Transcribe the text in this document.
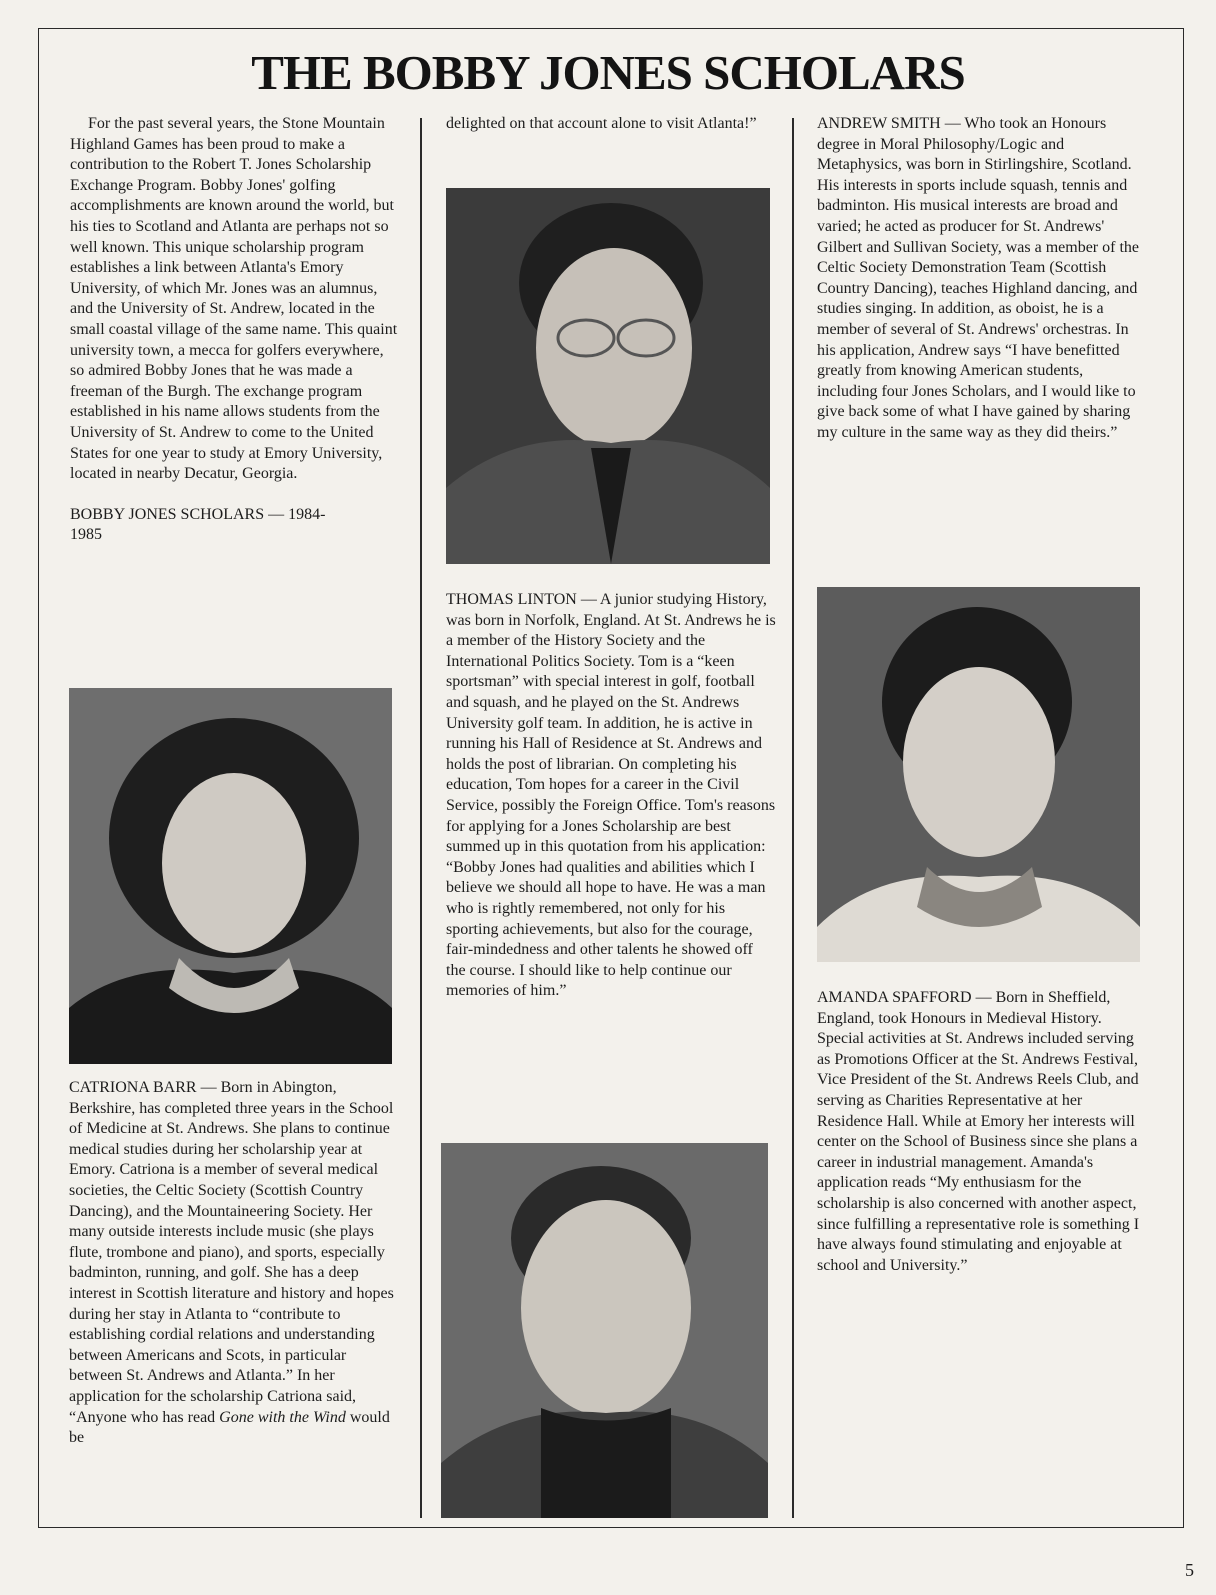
THE BOBBY JONES SCHOLARS

For the past several years, the Stone Mountain Highland Games has been proud to make a contribution to the Robert T. Jones Scholarship Exchange Program. Bobby Jones' golfing accomplishments are known around the world, but his ties to Scotland and Atlanta are perhaps not so well known. This unique scholarship program establishes a link between Atlanta's Emory University, of which Mr. Jones was an alumnus, and the University of St. Andrew, located in the small coastal village of the same name. This quaint university town, a mecca for golfers everywhere, so admired Bobby Jones that he was made a freeman of the Burgh. The exchange program established in his name allows students from the University of St. Andrew to come to the United States for one year to study at Emory University, located in nearby Decatur, Georgia.

BOBBY JONES SCHOLARS — 1984-1985

CATRIONA BARR — Born in Abington, Berkshire, has completed three years in the School of Medicine at St. Andrews. She plans to continue medical studies during her scholarship year at Emory. Catriona is a member of several medical societies, the Celtic Society (Scottish Country Dancing), and the Mountaineering Society. Her many outside interests include music (she plays flute, trombone and piano), and sports, especially badminton, running, and golf. She has a deep interest in Scottish literature and history and hopes during her stay in Atlanta to “contribute to establishing cordial relations and understanding between Americans and Scots, in particular between St. Andrews and Atlanta.” In her application for the scholarship Catriona said, “Anyone who has read Gone with the Wind would be

delighted on that account alone to visit Atlanta!”

THOMAS LINTON — A junior studying History, was born in Norfolk, England. At St. Andrews he is a member of the History Society and the International Politics Society. Tom is a “keen sportsman” with special interest in golf, football and squash, and he played on the St. Andrews University golf team. In addition, he is active in running his Hall of Residence at St. Andrews and holds the post of librarian. On completing his education, Tom hopes for a career in the Civil Service, possibly the Foreign Office. Tom's reasons for applying for a Jones Scholarship are best summed up in this quotation from his application: “Bobby Jones had qualities and abilities which I believe we should all hope to have. He was a man who is rightly remembered, not only for his sporting achievements, but also for the courage, fair-mindedness and other talents he showed off the course. I should like to help continue our memories of him.”

ANDREW SMITH — Who took an Honours degree in Moral Philosophy/Logic and Metaphysics, was born in Stirlingshire, Scotland. His interests in sports include squash, tennis and badminton. His musical interests are broad and varied; he acted as producer for St. Andrews' Gilbert and Sullivan Society, was a member of the Celtic Society Demonstration Team (Scottish Country Dancing), teaches Highland dancing, and studies singing. In addition, as oboist, he is a member of several of St. Andrews' orchestras. In his application, Andrew says “I have benefitted greatly from knowing American students, including four Jones Scholars, and I would like to give back some of what I have gained by sharing my culture in the same way as they did theirs.”

AMANDA SPAFFORD — Born in Sheffield, England, took Honours in Medieval History. Special activities at St. Andrews included serving as Promotions Officer at the St. Andrews Festival, Vice President of the St. Andrews Reels Club, and serving as Charities Representative at her Residence Hall. While at Emory her interests will center on the School of Business since she plans a career in industrial management. Amanda's application reads “My enthusiasm for the scholarship is also concerned with another aspect, since fulfilling a representative role is something I have always found stimulating and enjoyable at school and University.”

5
